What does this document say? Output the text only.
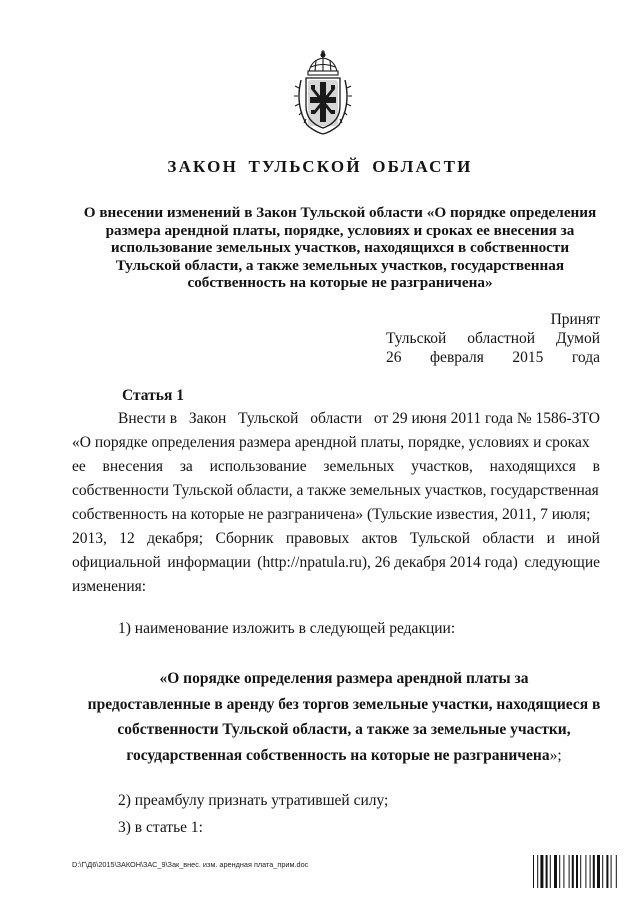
ЗАКОН ТУЛЬСКОЙ ОБЛАСТИ
О внесении изменений в Закон Тульской области «О порядке определения
размера арендной платы, порядке, условиях и сроках ее внесения за
использование земельных участков, находящихся в собственности
Тульской области, а также земельных участков, государственная
собственность на которые не разграничена»
Принят
Тульской областной Думой
26 февраля 2015 года
Статья 1
Внести в Закон Тульской области от 29 июня 2011 года № 1586-ЗТО
«О порядке определения размера арендной платы, порядке, условиях и сроках
ее внесения за использование земельных участков, находящихся в
собственности Тульской области, а также земельных участков, государственная
собственность на которые не разграничена» (Тульские известия, 2011, 7 июля;
2013, 12 декабря; Сборник правовых актов Тульской области и иной
официальной информации (http://npatula.ru), 26 декабря 2014 года) следующие
изменения:
1) наименование изложить в следующей редакции:
«О порядке определения размера арендной платы за
предоставленные в аренду без торгов земельные участки, находящиеся в
собственности Тульской области, а также за земельные участки,
государственная собственность на которые не разграничена»;
2) преамбулу признать утратившей силу;
3) в статье 1:
D:\Г\Д6\2015\ЗАКОН\ЗАС_9\Зак_внес. изм. арендная плата_прим.doc
